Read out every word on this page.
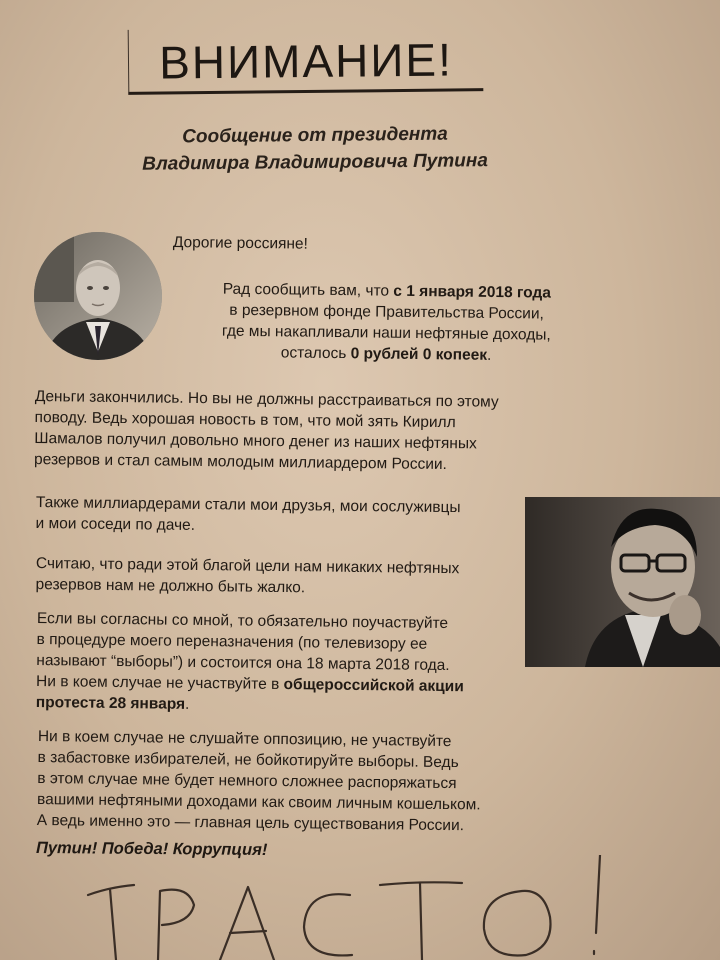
ВНИМАНИЕ!
Сообщение от президента
Владимира Владимировича Путина
Дорогие россияне!
Рад сообщить вам, что с 1 января 2018 года
в резервном фонде Правительства России,
где мы накапливали наши нефтяные доходы,
осталось 0 рублей 0 копеек.
Деньги закончились. Но вы не должны расстраиваться по этому
поводу. Ведь хорошая новость в том, что мой зять Кирилл
Шамалов получил довольно много денег из наших нефтяных
резервов и стал самым молодым миллиардером России.
Также миллиардерами стали мои друзья, мои сослуживцы
и мои соседи по даче.
Считаю, что ради этой благой цели нам никаких нефтяных
резервов нам не должно быть жалко.
Если вы согласны со мной, то обязательно поучаствуйте
в процедуре моего переназначения (по телевизору ее
называют “выборы”) и состоится она 18 марта 2018 года.
Ни в коем случае не участвуйте в общероссийской акции
протеста 28 января.
Ни в коем случае не слушайте оппозицию, не участвуйте
в забастовке избирателей, не бойкотируйте выборы. Ведь
в этом случае мне будет немного сложнее распоряжаться
вашими нефтяными доходами как своим личным кошельком.
А ведь именно это — главная цель существования России.
Путин! Победа! Коррупция!
